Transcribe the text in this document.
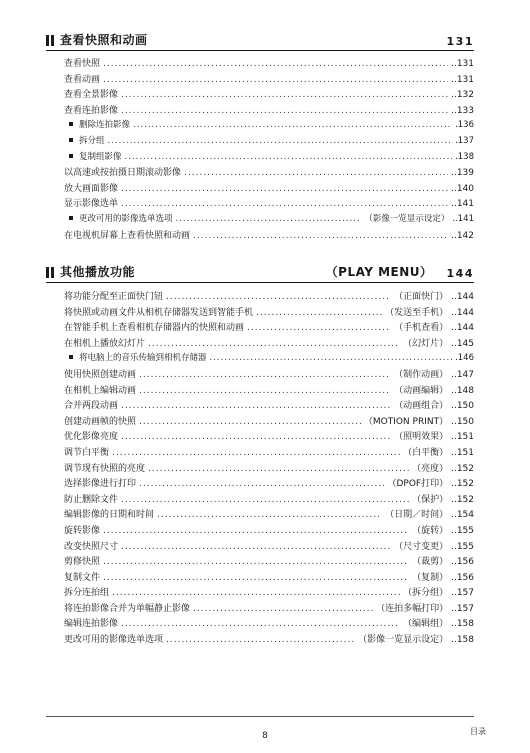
查看快照和动画	131
查看快照 .....	..131
查看动画 .....	..131
查看全景影像 .....	..132
查看连拍影像 .....	..133
删除连拍影像 .....	.136
拆分组 .....	.137
复制组影像 .....	.138
以高速或按拍摄日期滚动影像 .....	..139
放大画面影像 .....	..140
显示影像选单 .....	..141
更改可用的影像选单选项 .....	（影像一览显示设定） ..141
在电视机屏幕上查看快照和动画 .....	..142
其他播放功能	（PLAY MENU） 144
将功能分配至正面快门钮 .....	（正面快门） ..144
将快照或动画文件从相机存储器发送到智能手机 .....	（发送至手机） ..144
在智能手机上查看相机存储器内的快照和动画 .....	（手机查看） ..144
在相机上播放幻灯片 .....	（幻灯片） ..145
将电脑上的音乐传输到相机存储器 .....	.146
使用快照创建动画 .....	（制作动画） ..147
在相机上编辑动画 .....	（动画编辑） ..148
合并两段动画 .....	（动画组合） ..150
创建动画帧的快照 .....	（MOTION PRINT） ..150
优化影像亮度 .....	（照明效果） ..151
调节白平衡 .....	（白平衡） ..151
调节现有快照的亮度 .....	（亮度） ..152
选择影像进行打印 .....	（DPOF打印） ..152
防止删除文件 .....	（保护） ..152
编辑影像的日期和时间 .....	（日期／时间） ..154
旋转影像 .....	（旋转） ..155
改变快照尺寸 .....	（尺寸变更） ..155
剪修快照 .....	（裁剪） ..156
复制文件 .....	（复制） ..156
拆分连拍组 .....	（拆分组） ..157
将连拍影像合并为单幅静止影像 .....	（连拍多幅打印） ..157
编辑连拍影像 .....	（编辑组） ..158
更改可用的影像选单选项 .....	（影像一览显示设定） ..158
8	目录
